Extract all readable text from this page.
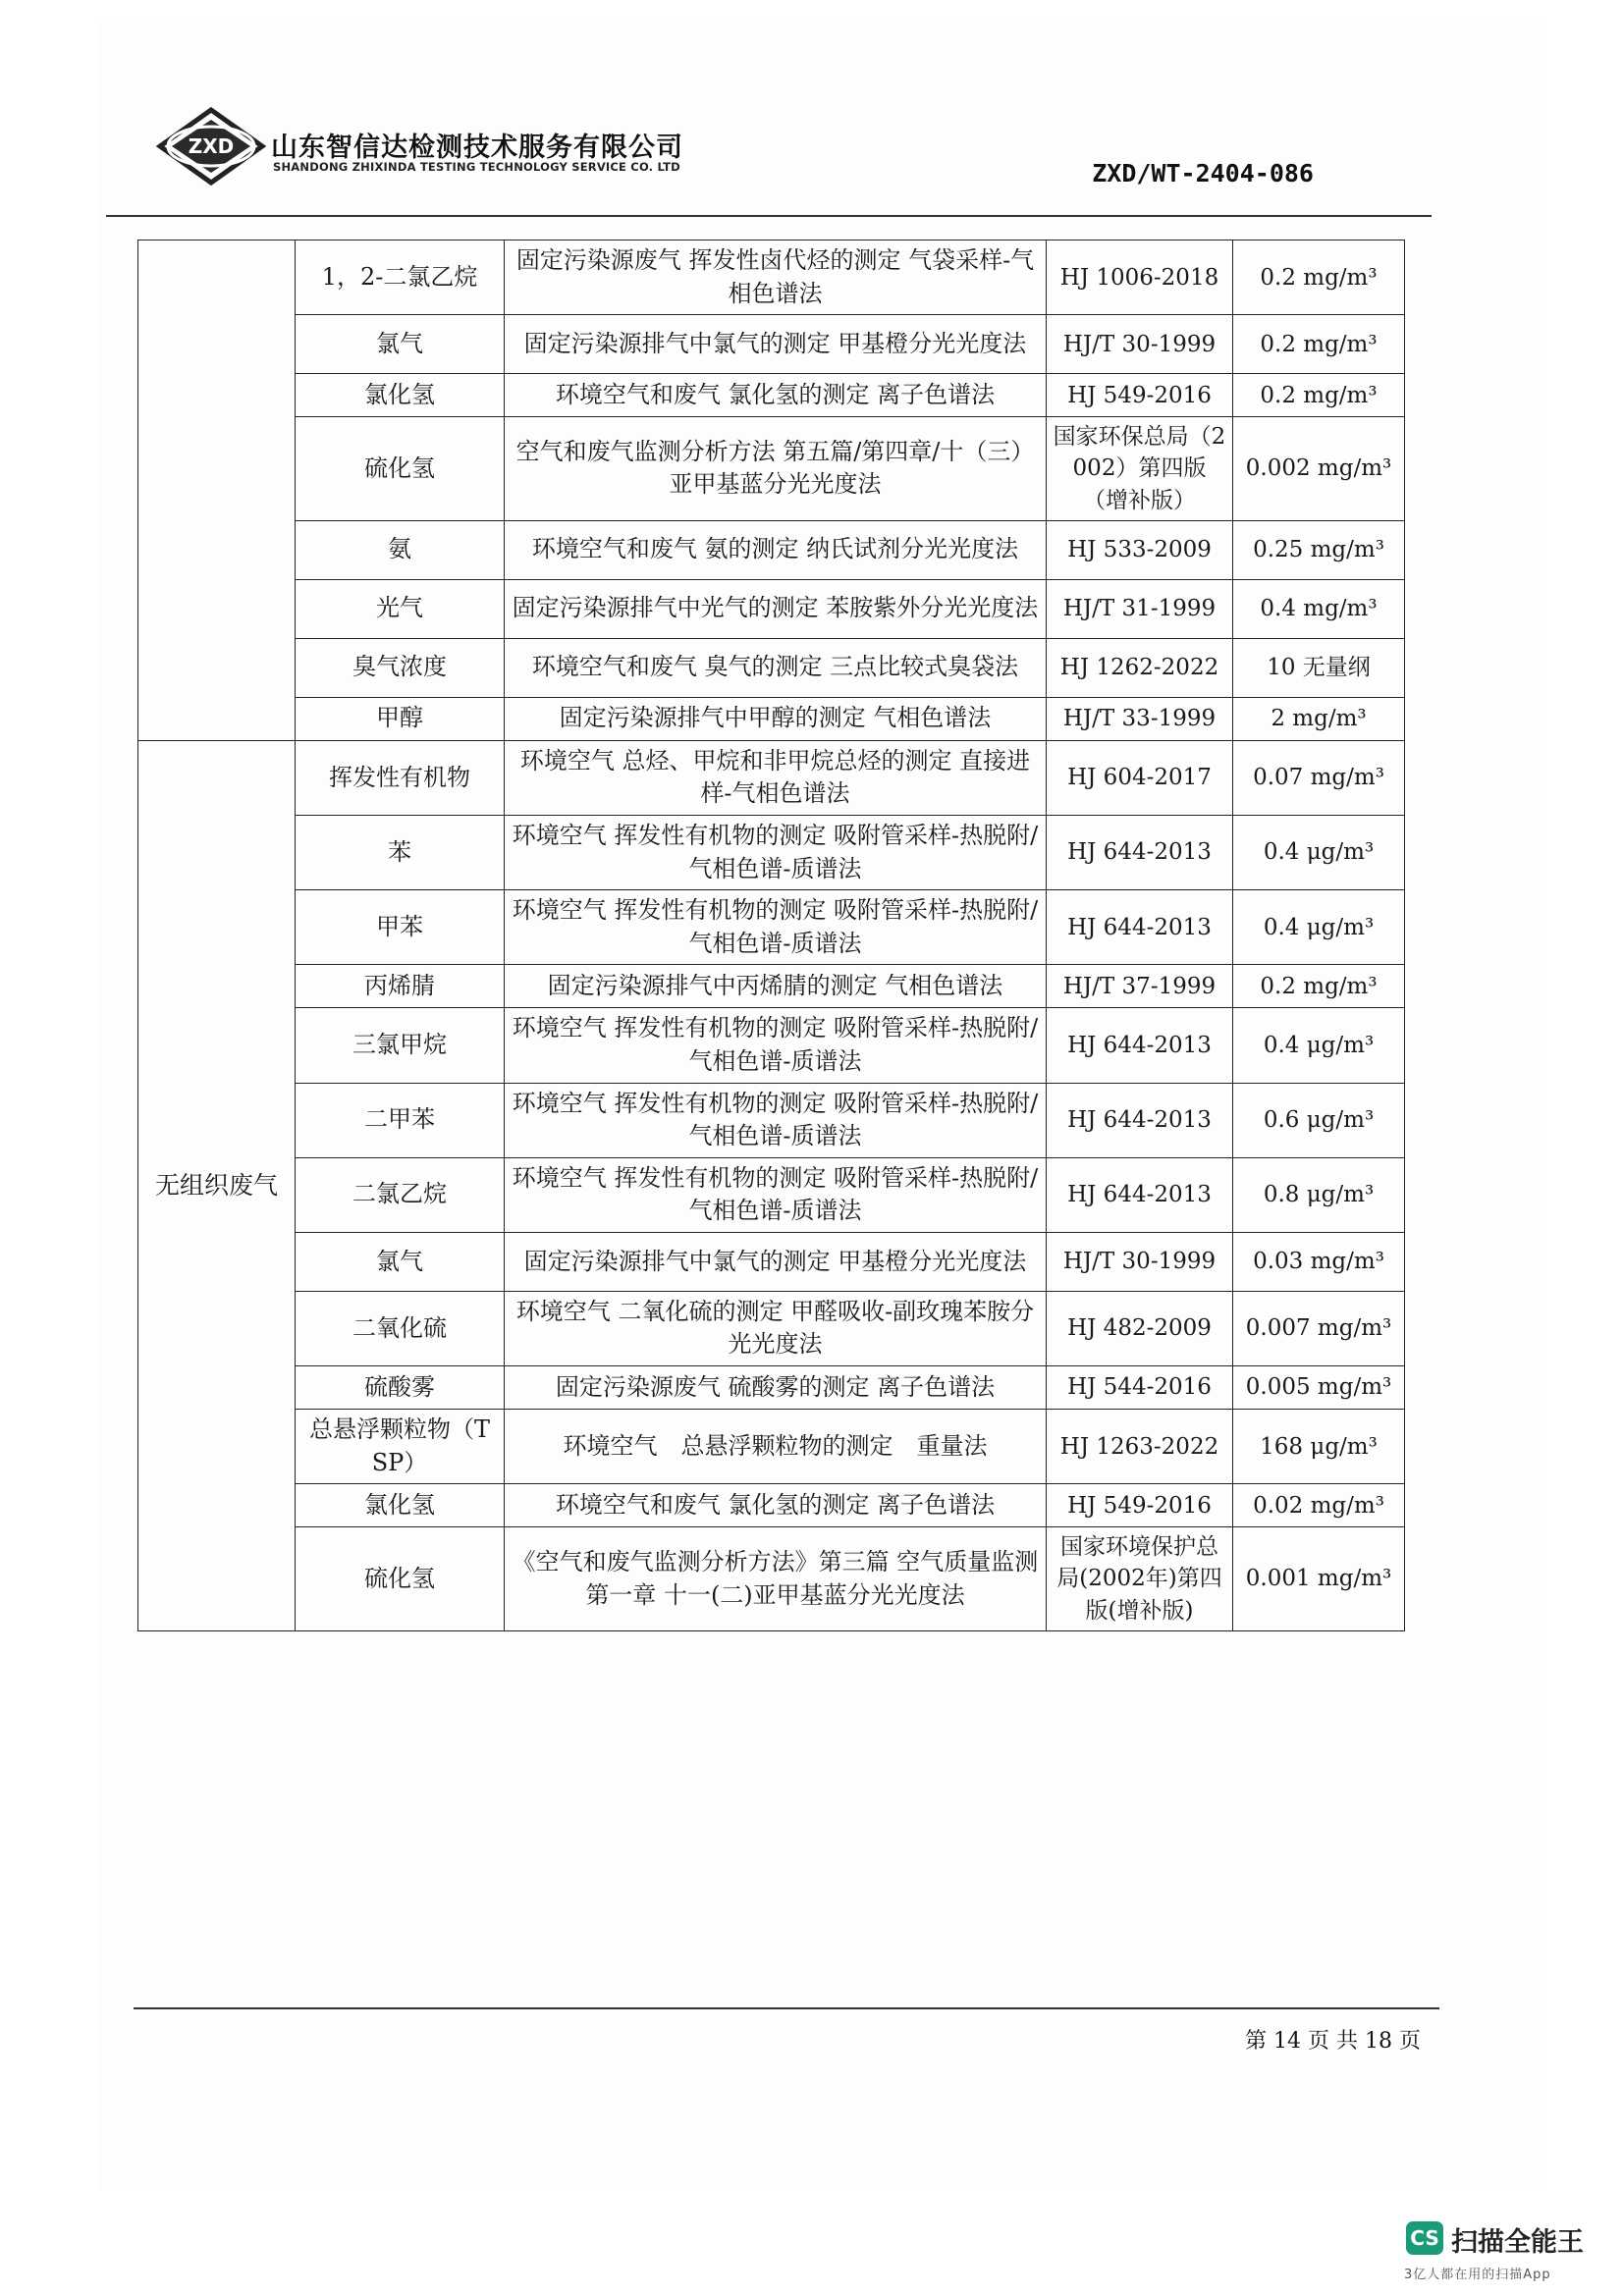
ZXD 山东智信达检测技术服务有限公司
SHANDONG ZHIXINDA TESTING TECHNOLOGY SERVICE CO. LTD	ZXD/WT-2404-086
	1，2-二氯乙烷	固定污染源废气 挥发性卤代烃的测定 气袋采样-气相色谱法	HJ 1006-2018	0.2 mg/m³
	氯气	固定污染源排气中氯气的测定 甲基橙分光光度法	HJ/T 30-1999	0.2 mg/m³
	氯化氢	环境空气和废气 氯化氢的测定 离子色谱法	HJ 549-2016	0.2 mg/m³
	硫化氢	空气和废气监测分析方法 第五篇/第四章/十（三）亚甲基蓝分光光度法	国家环保总局（2002）第四版（增补版）	0.002 mg/m³
	氨	环境空气和废气 氨的测定 纳氏试剂分光光度法	HJ 533-2009	0.25 mg/m³
	光气	固定污染源排气中光气的测定 苯胺紫外分光光度法	HJ/T 31-1999	0.4 mg/m³
	臭气浓度	环境空气和废气 臭气的测定 三点比较式臭袋法	HJ 1262-2022	10 无量纲
	甲醇	固定污染源排气中甲醇的测定 气相色谱法	HJ/T 33-1999	2 mg/m³
无组织废气	挥发性有机物	环境空气 总烃、甲烷和非甲烷总烃的测定 直接进样-气相色谱法	HJ 604-2017	0.07 mg/m³
	苯	环境空气 挥发性有机物的测定 吸附管采样-热脱附/气相色谱-质谱法	HJ 644-2013	0.4 μg/m³
	甲苯	环境空气 挥发性有机物的测定 吸附管采样-热脱附/气相色谱-质谱法	HJ 644-2013	0.4 μg/m³
	丙烯腈	固定污染源排气中丙烯腈的测定 气相色谱法	HJ/T 37-1999	0.2 mg/m³
	三氯甲烷	环境空气 挥发性有机物的测定 吸附管采样-热脱附/气相色谱-质谱法	HJ 644-2013	0.4 μg/m³
	二甲苯	环境空气 挥发性有机物的测定 吸附管采样-热脱附/气相色谱-质谱法	HJ 644-2013	0.6 μg/m³
	二氯乙烷	环境空气 挥发性有机物的测定 吸附管采样-热脱附/气相色谱-质谱法	HJ 644-2013	0.8 μg/m³
	氯气	固定污染源排气中氯气的测定 甲基橙分光光度法	HJ/T 30-1999	0.03 mg/m³
	二氧化硫	环境空气 二氧化硫的测定 甲醛吸收-副玫瑰苯胺分光光度法	HJ 482-2009	0.007 mg/m³
	硫酸雾	固定污染源废气 硫酸雾的测定 离子色谱法	HJ 544-2016	0.005 mg/m³
	总悬浮颗粒物（TSP）	环境空气　总悬浮颗粒物的测定　重量法	HJ 1263-2022	168 μg/m³
	氯化氢	环境空气和废气 氯化氢的测定 离子色谱法	HJ 549-2016	0.02 mg/m³
	硫化氢	《空气和废气监测分析方法》第三篇 空气质量监测 第一章 十一(二)亚甲基蓝分光光度法	国家环境保护总局(2002年)第四版(增补版)	0.001 mg/m³
第 14 页 共 18 页
CS 扫描全能王
3亿人都在用的扫描App
